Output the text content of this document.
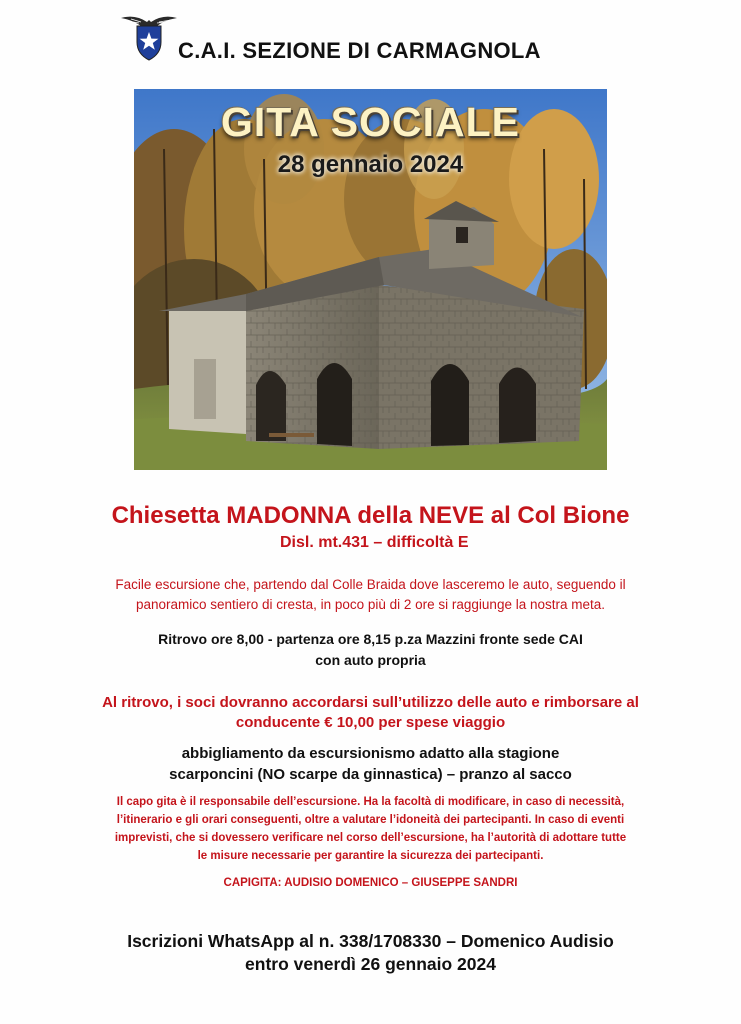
C.A.I. SEZIONE DI CARMAGNOLA
GITA SOCIALE
28 gennaio 2024
Chiesetta MADONNA della NEVE al Col Bione
Disl. mt.431 – difficoltà E
Facile escursione che, partendo dal Colle Braida dove lasceremo le auto, seguendo il
panoramico sentiero di cresta, in poco più di 2 ore si raggiunge la nostra meta.
Ritrovo ore 8,00 - partenza ore 8,15 p.za Mazzini fronte sede CAI
con auto propria
Al ritrovo, i soci dovranno accordarsi sull’utilizzo delle auto e rimborsare al
conducente € 10,00 per spese viaggio
abbigliamento da escursionismo adatto alla stagione
scarponcini (NO scarpe da ginnastica) – pranzo al sacco
Il capo gita è il responsabile dell’escursione. Ha la facoltà di modificare, in caso di necessità,
l’itinerario e gli orari conseguenti, oltre a valutare l’idoneità dei partecipanti. In caso di eventi
imprevisti, che si dovessero verificare nel corso dell’escursione, ha l’autorità di adottare tutte
le misure necessarie per garantire la sicurezza dei partecipanti.
CAPIGITA: AUDISIO DOMENICO – GIUSEPPE SANDRI
Iscrizioni WhatsApp al n. 338/1708330 – Domenico Audisio
entro venerdì 26 gennaio 2024
